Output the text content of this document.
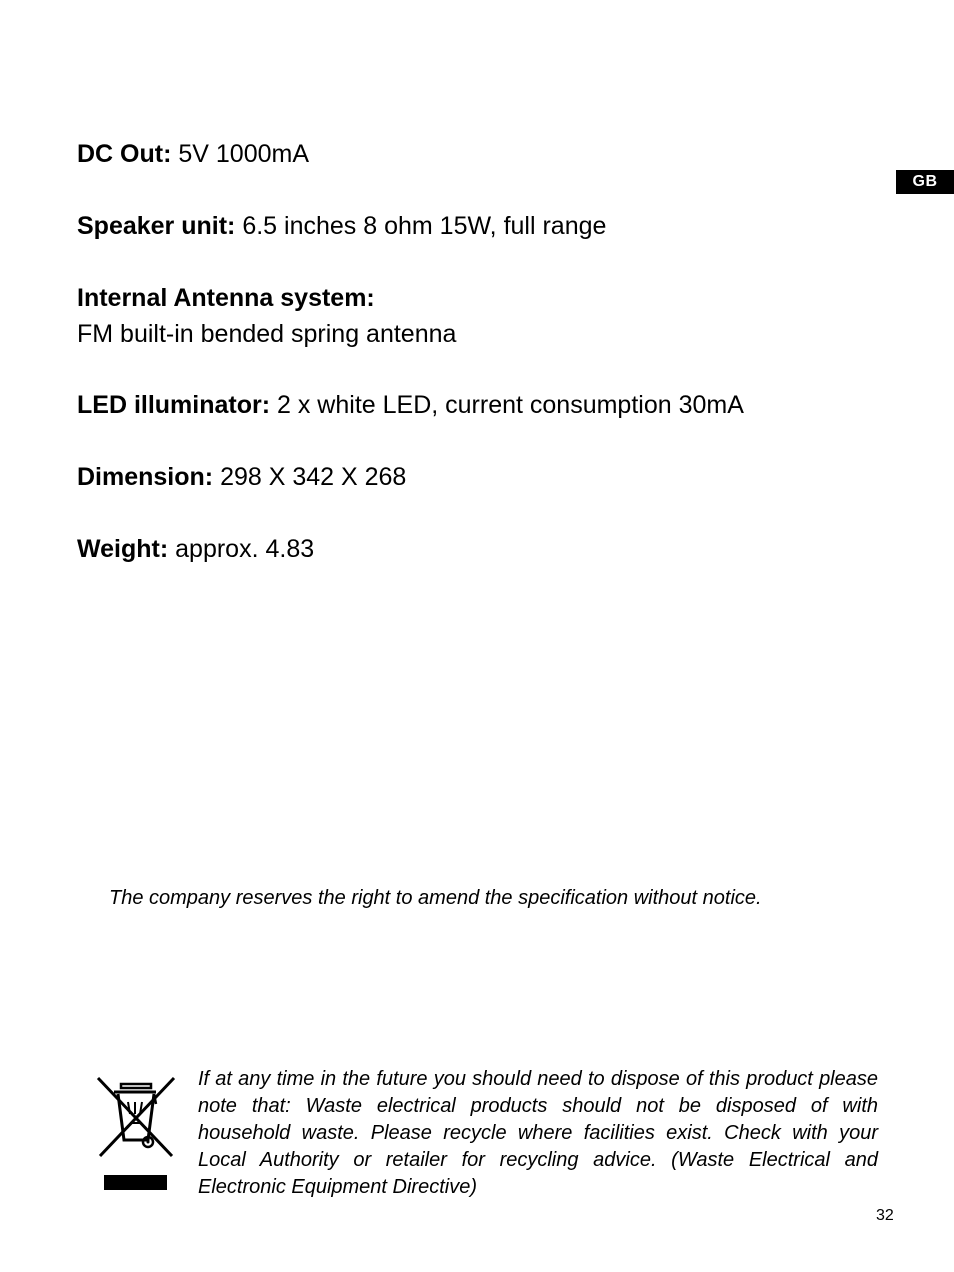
GB
DC Out: 5V 1000mA
Speaker unit: 6.5 inches 8 ohm 15W, full range
Internal Antenna system:
FM built-in bended spring antenna
LED illuminator: 2 x white LED, current consumption 30mA
Dimension: 298 X 342 X 268
Weight: approx. 4.83
The company reserves the right to amend the specification without notice.
If at any time in the future you should need to dispose of this product please note that: Waste electrical products should not be disposed of with household waste. Please recycle where facilities exist. Check with your Local Authority or retailer for recycling advice. (Waste Electrical and Electronic Equipment Directive)
32
